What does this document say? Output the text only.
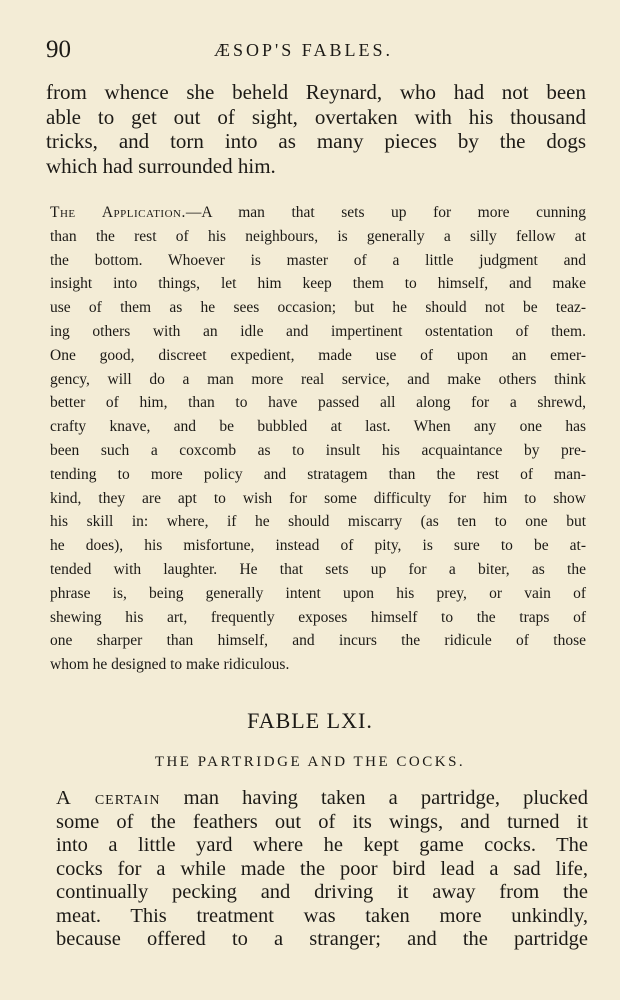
90	ÆSOP'S FABLES.
from whence she beheld Reynard, who had not been
able to get out of sight, overtaken with his thousand
tricks, and torn into as many pieces by the dogs
which had surrounded him.
The Application.—A man that sets up for more cunning
than the rest of his neighbours, is generally a silly fellow at
the bottom. Whoever is master of a little judgment and
insight into things, let him keep them to himself, and make
use of them as he sees occasion; but he should not be teaz-
ing others with an idle and impertinent ostentation of them.
One good, discreet expedient, made use of upon an emer-
gency, will do a man more real service, and make others think
better of him, than to have passed all along for a shrewd,
crafty knave, and be bubbled at last. When any one has
been such a coxcomb as to insult his acquaintance by pre-
tending to more policy and stratagem than the rest of man-
kind, they are apt to wish for some difficulty for him to show
his skill in: where, if he should miscarry (as ten to one but
he does), his misfortune, instead of pity, is sure to be at-
tended with laughter. He that sets up for a biter, as the
phrase is, being generally intent upon his prey, or vain of
shewing his art, frequently exposes himself to the traps of
one sharper than himself, and incurs the ridicule of those
whom he designed to make ridiculous.
FABLE LXI.
THE PARTRIDGE AND THE COCKS.
A certain man having taken a partridge, plucked
some of the feathers out of its wings, and turned it
into a little yard where he kept game cocks. The
cocks for a while made the poor bird lead a sad life,
continually pecking and driving it away from the
meat. This treatment was taken more unkindly,
because offered to a stranger; and the partridge
